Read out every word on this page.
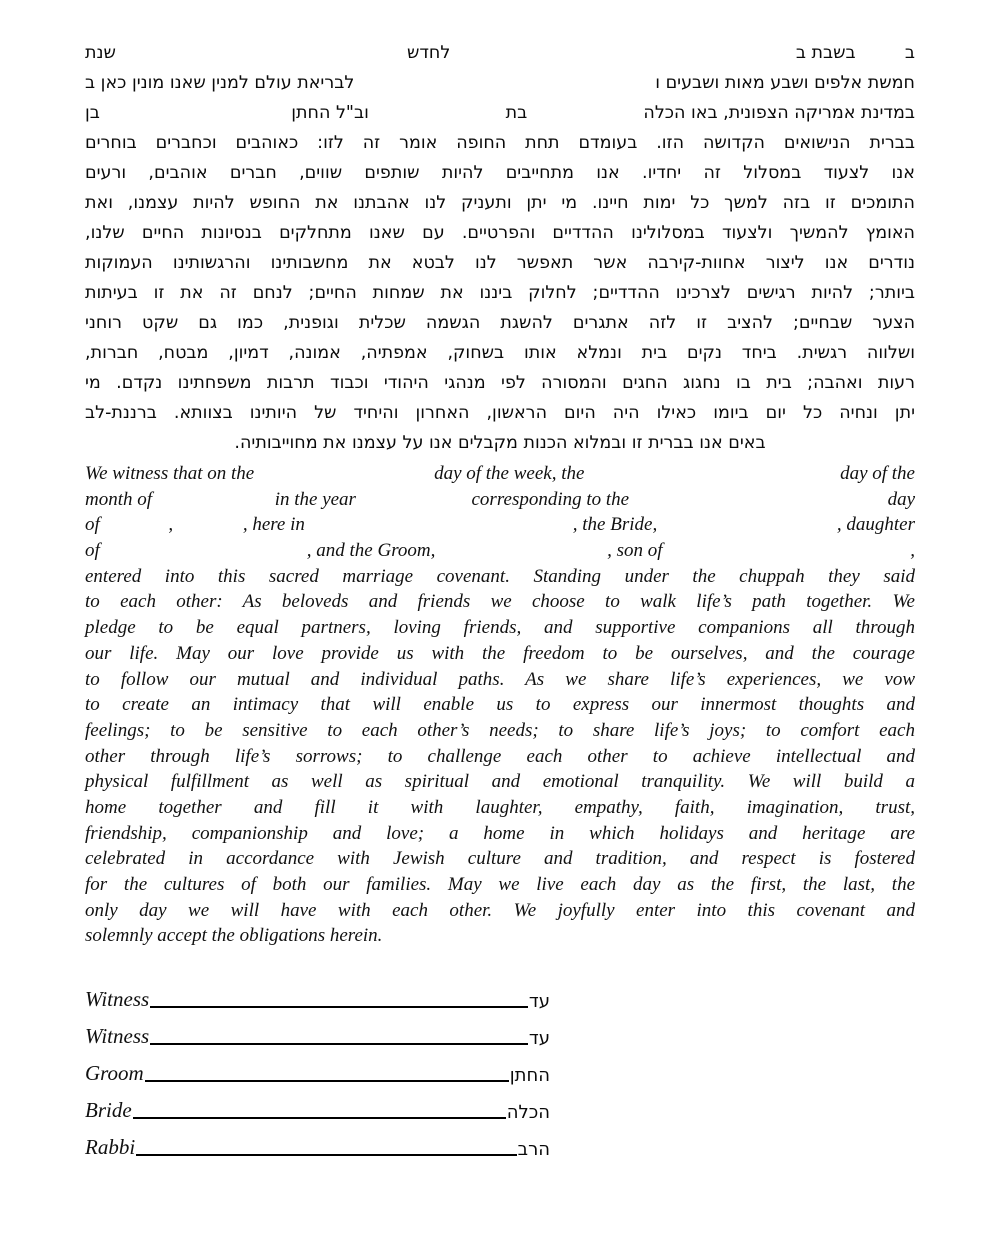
ב
בשבת ב
לחדש
שנת
חמשת אלפים ושבע מאות ושבעים ו
לבריאת עולם למנין שאנו מונין כאן ב
במדינת אמריקה הצפונית, באו הכלה
בת
וב"ל החתן
בן
בברית הנישואים הקדושה הזו. בעומדם תחת החופה אומר זה לזו: כאוהבים וכחברים בוחרים
אנו לצעוד במסלול זה יחדיו. אנו מתחייבים להיות שותפים שווים, חברים אוהבים, ורעים
התומכים זו בזה למשך כל ימות חיינו. מי יתן ותעניק לנו אהבתנו את החופש להיות עצמנו, ואת
האומץ להמשיך ולצעוד במסלולינו ההדדיים והפרטיים. עם שאנו מתחלקים בנסיונות החיים שלנו,
נודרים אנו ליצור אחוות-קירבה אשר תאפשר לנו לבטא את מחשבותינו והרגשותינו העמוקות
ביותר; להיות רגישים לצרכינו ההדדיים; לחלוק ביננו את שמחות החיים; לנחם זה את זו בעיתות
הצער שבחיים; להציב זו לזה אתגרים להשגת הגשמה שכלית וגופנית, כמו גם שקט רוחני
ושלווה רגשית. ביחד נקים בית ונמלא אותו בשחוק, אמפתיה, אמונה, דמיון, מבטח, חברות,
רעות ואהבה; בית בו נחגוג החגים והמסורה לפי מנהגי היהודי וכבוד תרבות משפחתינו נקדם. מי
יתן ונחיה כל יום ביומו כאילו היה היום הראשון, האחרון והיחיד של היותינו בצוותא. ברננת-לב
באים אנו בברית זו ובמלוא הכנות מקבלים אנו על עצמנו את מחוייבותיה.
We witness that on the	day of the week, the	day of the
month of	in the year	corresponding to the	day
of	,	, here in	, the Bride,	, daughter
of	, and the Groom,	, son of	,
entered into this sacred marriage covenant. Standing under the chuppah they said
to each other: As beloveds and friends we choose to walk life’s path together. We
pledge to be equal partners, loving friends, and supportive companions all through
our life. May our love provide us with the freedom to be ourselves, and the courage
to follow our mutual and individual paths. As we share life’s experiences, we vow
to create an intimacy that will enable us to express our innermost thoughts and
feelings; to be sensitive to each other’s needs; to share life’s joys; to comfort each
other through life’s sorrows; to challenge each other to achieve intellectual and
physical fulfillment as well as spiritual and emotional tranquility. We will build a
home together and fill it with laughter, empathy, faith, imagination, trust,
friendship, companionship and love; a home in which holidays and heritage are
celebrated in accordance with Jewish culture and tradition, and respect is fostered
for the cultures of both our families. May we live each day as the first, the last, the
only day we will have with each other. We joyfully enter into this covenant and
solemnly accept the obligations herein.
Witness	עד
Witness	עד
Groom	החתן
Bride	הכלה
Rabbi	הרב
